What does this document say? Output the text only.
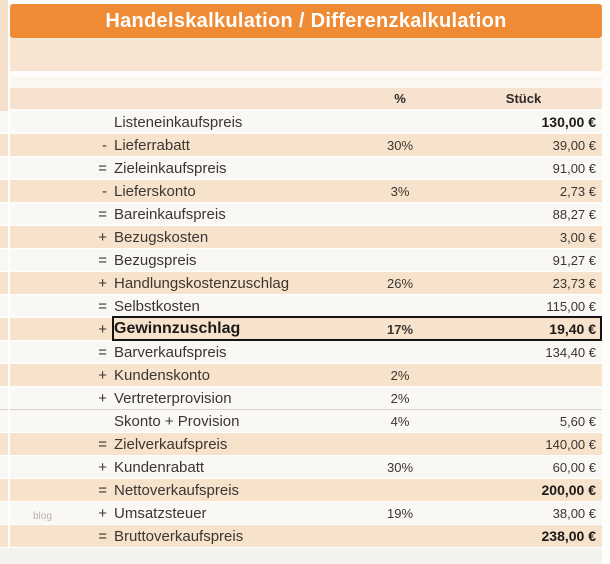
Handelskalkulation / Differenzkalkulation
%	Stück
Listeneinkaufspreis	130,00 €
- Lieferrabatt	30%	39,00 €
= Zieleinkaufspreis	91,00 €
- Lieferskonto	3%	2,73 €
= Bareinkaufspreis	88,27 €
+ Bezugskosten	3,00 €
= Bezugspreis	91,27 €
+ Handlungskostenzuschlag	26%	23,73 €
= Selbstkosten	115,00 €
+ Gewinnzuschlag	17%	19,40 €
= Barverkaufspreis	134,40 €
+ Kundenskonto	2%
+ Vertreterprovision	2%
Skonto + Provision	4%	5,60 €
= Zielverkaufspreis	140,00 €
+ Kundenrabatt	30%	60,00 €
= Nettoverkaufspreis	200,00 €
+ Umsatzsteuer	19%	38,00 €
= Bruttoverkaufspreis	238,00 €
blog
